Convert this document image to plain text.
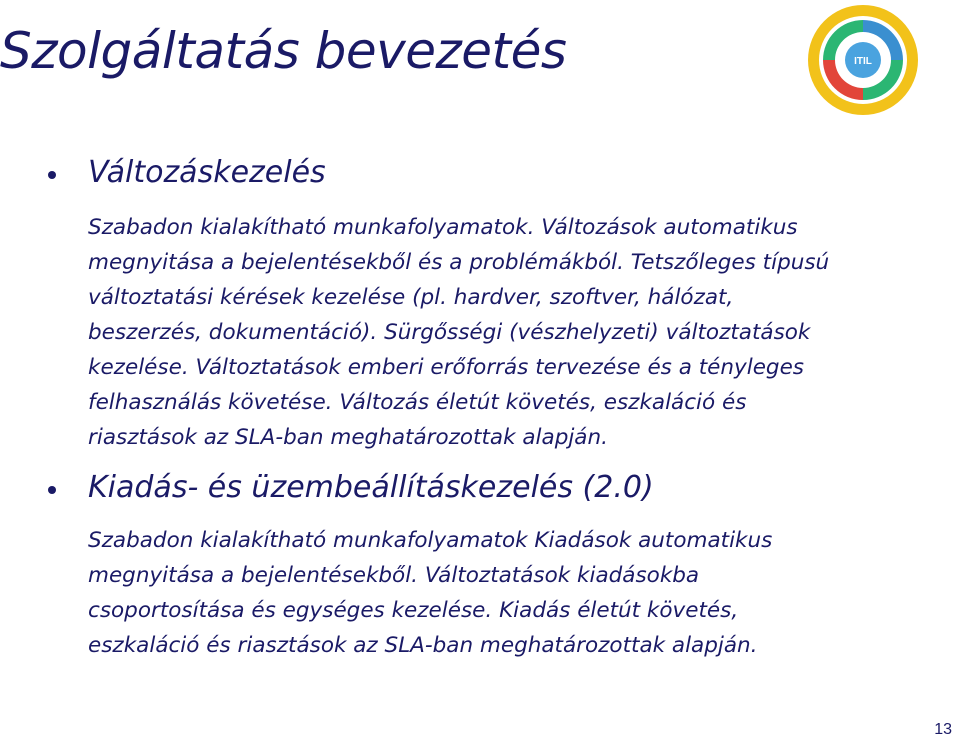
Szolgáltatás bevezetés	ITIL
Változáskezelés
Szabadon kialakítható munkafolyamatok. Változások automatikus
megnyitása a bejelentésekből és a problémákból. Tetszőleges típusú
változtatási kérések kezelése (pl. hardver, szoftver, hálózat,
beszerzés, dokumentáció). Sürgősségi (vészhelyzeti) változtatások
kezelése. Változtatások emberi erőforrás tervezése és a tényleges
felhasználás követése. Változás életút követés, eszkaláció és
riasztások az SLA-ban meghatározottak alapján.
Kiadás- és üzembeállításkezelés (2.0)
Szabadon kialakítható munkafolyamatok Kiadások automatikus
megnyitása a bejelentésekből. Változtatások kiadásokba
csoportosítása és egységes kezelése. Kiadás életút követés,
eszkaláció és riasztások az SLA-ban meghatározottak alapján.
13
